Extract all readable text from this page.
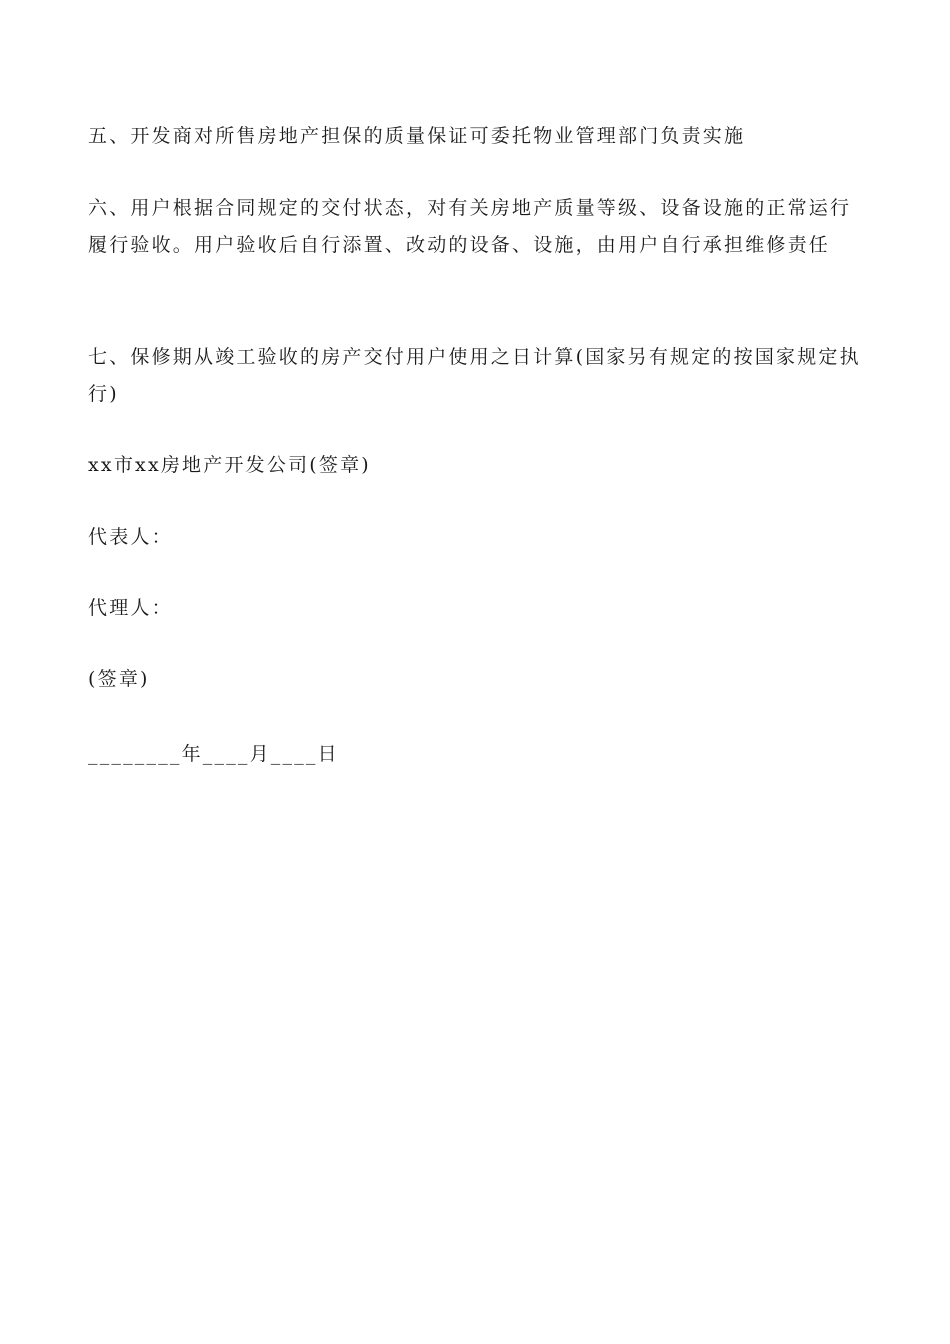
五、开发商对所售房地产担保的质量保证可委托物业管理部门负责实施

六、用户根据合同规定的交付状态，对有关房地产质量等级、设备设施的正常运行履行验收。用户验收后自行添置、改动的设备、设施，由用户自行承担维修责任

七、保修期从竣工验收的房产交付用户使用之日计算(国家另有规定的按国家规定执行)

xx市xx房地产开发公司(签章)

代表人：

代理人：

(签章)

________年____月____日
